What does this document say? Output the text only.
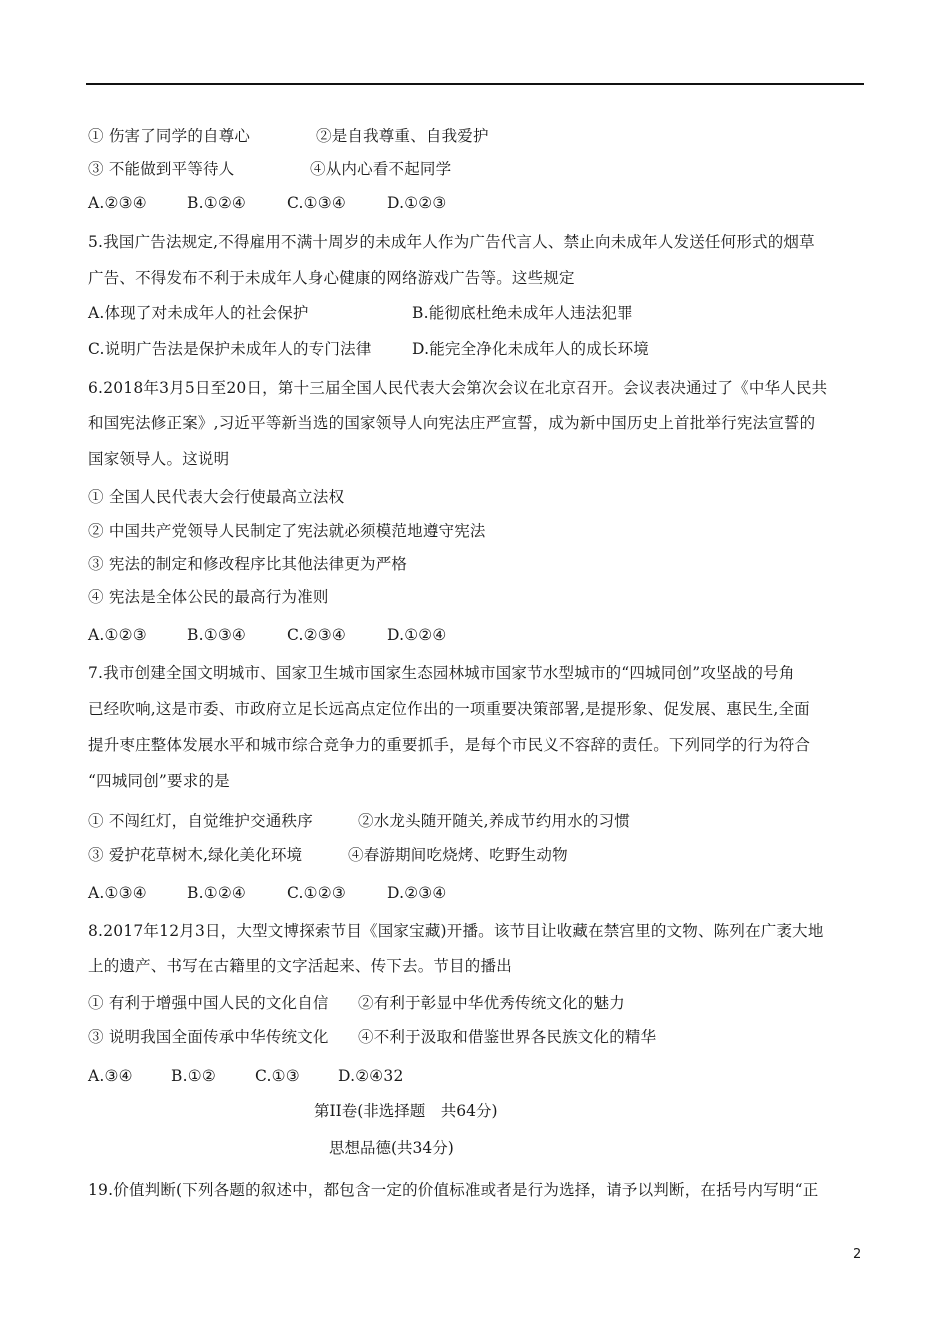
① 伤害了同学的自尊心	②是自我尊重、自我爱护
③ 不能做到平等待人	④从内心看不起同学
A.②③④	B.①②④	C.①③④	D.①②③
5.我国广告法规定,不得雇用不满十周岁的未成年人作为广告代言人、禁止向未成年人发送任何形式的烟草
广告、不得发布不利于未成年人身心健康的网络游戏广告等。这些规定
A.体现了对未成年人的社会保护	B.能彻底杜绝未成年人违法犯罪
C.说明广告法是保护未成年人的专门法律	D.能完全净化未成年人的成长环境
6.2018年3月5日至20日，第十三届全国人民代表大会第次会议在北京召开。会议表决通过了《中华人民共
和国宪法修正案》,习近平等新当选的国家领导人向宪法庄严宣誓，成为新中国历史上首批举行宪法宣誓的
国家领导人。这说明
① 全国人民代表大会行使最高立法权
② 中国共产党领导人民制定了宪法就必须模范地遵守宪法
③ 宪法的制定和修改程序比其他法律更为严格
④ 宪法是全体公民的最高行为准则
A.①②③	B.①③④	C.②③④	D.①②④
7.我市创建全国文明城市、国家卫生城市国家生态园林城市国家节水型城市的“四城同创”攻坚战的号角
已经吹响,这是市委、市政府立足长远高点定位作出的一项重要决策部署,是提形象、促发展、惠民生,全面
提升枣庄整体发展水平和城市综合竞争力的重要抓手，是每个市民义不容辞的责任。下列同学的行为符合
“四城同创”要求的是
① 不闯红灯，自觉维护交通秩序	②水龙头随开随关,养成节约用水的习惯
③ 爱护花草树木,绿化美化环境	④春游期间吃烧烤、吃野生动物
A.①③④	B.①②④	C.①②③	D.②③④
8.2017年12月3日，大型文博探索节目《国家宝藏)开播。该节目让收藏在禁宫里的文物、陈列在广袤大地
上的遗产、书写在古籍里的文字活起来、传下去。节目的播出
① 有利于增强中国人民的文化自信 ②有利于彰显中华优秀传统文化的魅力
③ 说明我国全面传承中华传统文化 ④不利于汲取和借鉴世界各民族文化的精华
A.③④ B.①②	C.①③ D.②④32
第II卷(非选择题　共64分)
思想品德(共34分)
19.价值判断(下列各题的叙述中，都包含一定的价值标准或者是行为选择，请予以判断，在括号内写明“正
2
